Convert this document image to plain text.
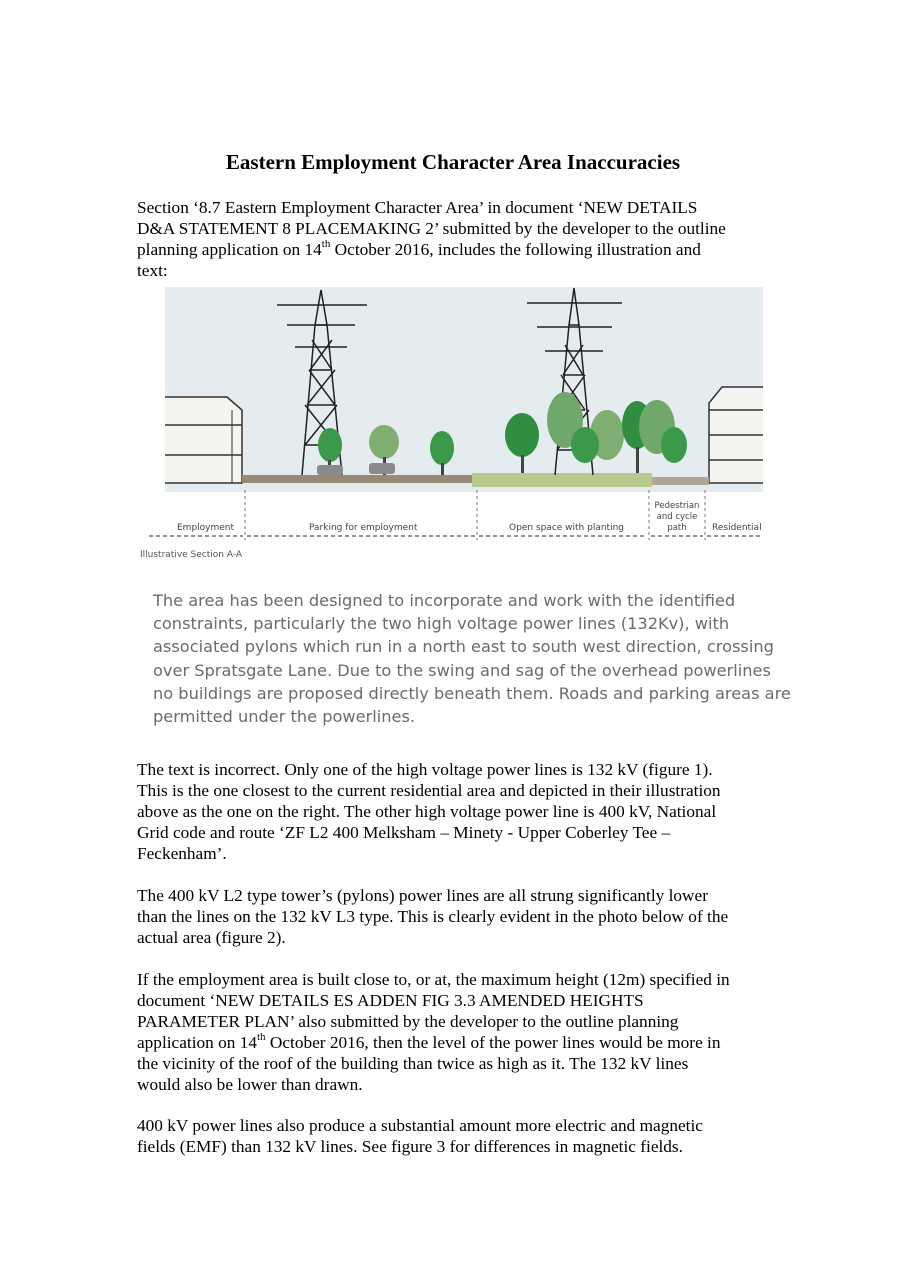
Eastern Employment Character Area Inaccuracies
Section ‘8.7 Eastern Employment Character Area’ in document ‘NEW DETAILS
D&A STATEMENT 8 PLACEMAKING 2’ submitted by the developer to the outline
planning application on 14th October 2016, includes the following illustration and
text:
Employment	Parking for employment	Open space with planting
Pedestrian
and cycle
path	Residential
Illustrative Section A-A
The area has been designed to incorporate and work with the identified
constraints, particularly the two high voltage power lines (132Kv), with
associated pylons which run in a north east to south west direction, crossing
over Spratsgate Lane. Due to the swing and sag of the overhead powerlines
no buildings are proposed directly beneath them. Roads and parking areas are
permitted under the powerlines.
The text is incorrect. Only one of the high voltage power lines is 132 kV (figure 1).
This is the one closest to the current residential area and depicted in their illustration
above as the one on the right. The other high voltage power line is 400 kV, National
Grid code and route ‘ZF L2 400 Melksham – Minety - Upper Coberley Tee –
Feckenham’.
The 400 kV L2 type tower’s (pylons) power lines are all strung significantly lower
than the lines on the 132 kV L3 type. This is clearly evident in the photo below of the
actual area (figure 2).
If the employment area is built close to, or at, the maximum height (12m) specified in
document ‘NEW DETAILS ES ADDEN FIG 3.3 AMENDED HEIGHTS
PARAMETER PLAN’ also submitted by the developer to the outline planning
application on 14th October 2016, then the level of the power lines would be more in
the vicinity of the roof of the building than twice as high as it. The 132 kV lines
would also be lower than drawn.
400 kV power lines also produce a substantial amount more electric and magnetic
fields (EMF) than 132 kV lines. See figure 3 for differences in magnetic fields.
